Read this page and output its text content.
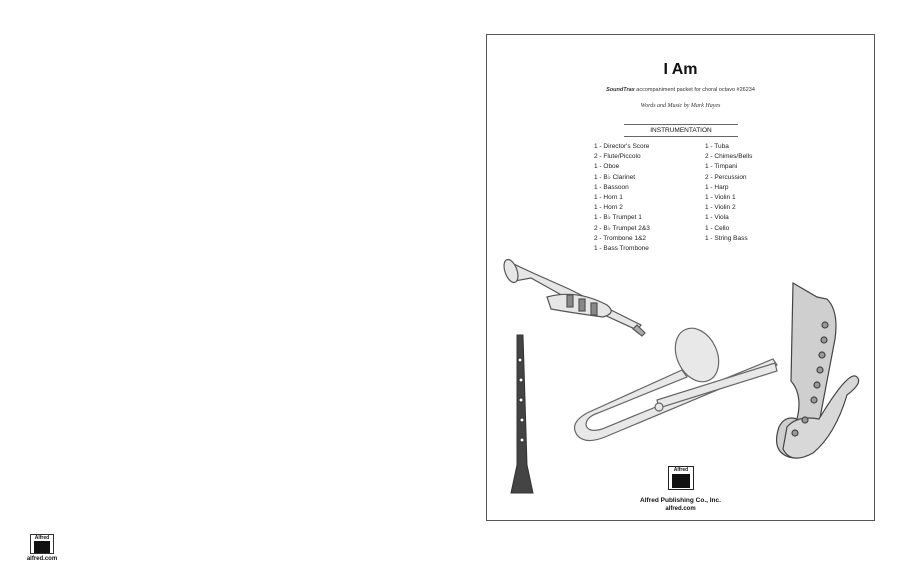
Alfred
alfred.com
I Am
SoundTrax accompaniment packet for choral octavo #26234
Words and Music by Mark Hayes
INSTRUMENTATION
1 - Director's Score
2 - Flute/Piccolo
1 - Oboe
1 - B♭ Clarinet
1 - Bassoon
1 - Horn 1
1 - Horn 2
1 - B♭ Trumpet 1
2 - B♭ Trumpet 2&3
2 - Trombone 1&2
1 - Bass Trombone
1 - Tuba
2 - Chimes/Bells
1 - Timpani
2 - Percussion
1 - Harp
1 - Violin 1
1 - Violin 2
1 - Viola
1 - Cello
1 - String Bass
Alfred
Alfred Publishing Co., Inc.
alfred.com
